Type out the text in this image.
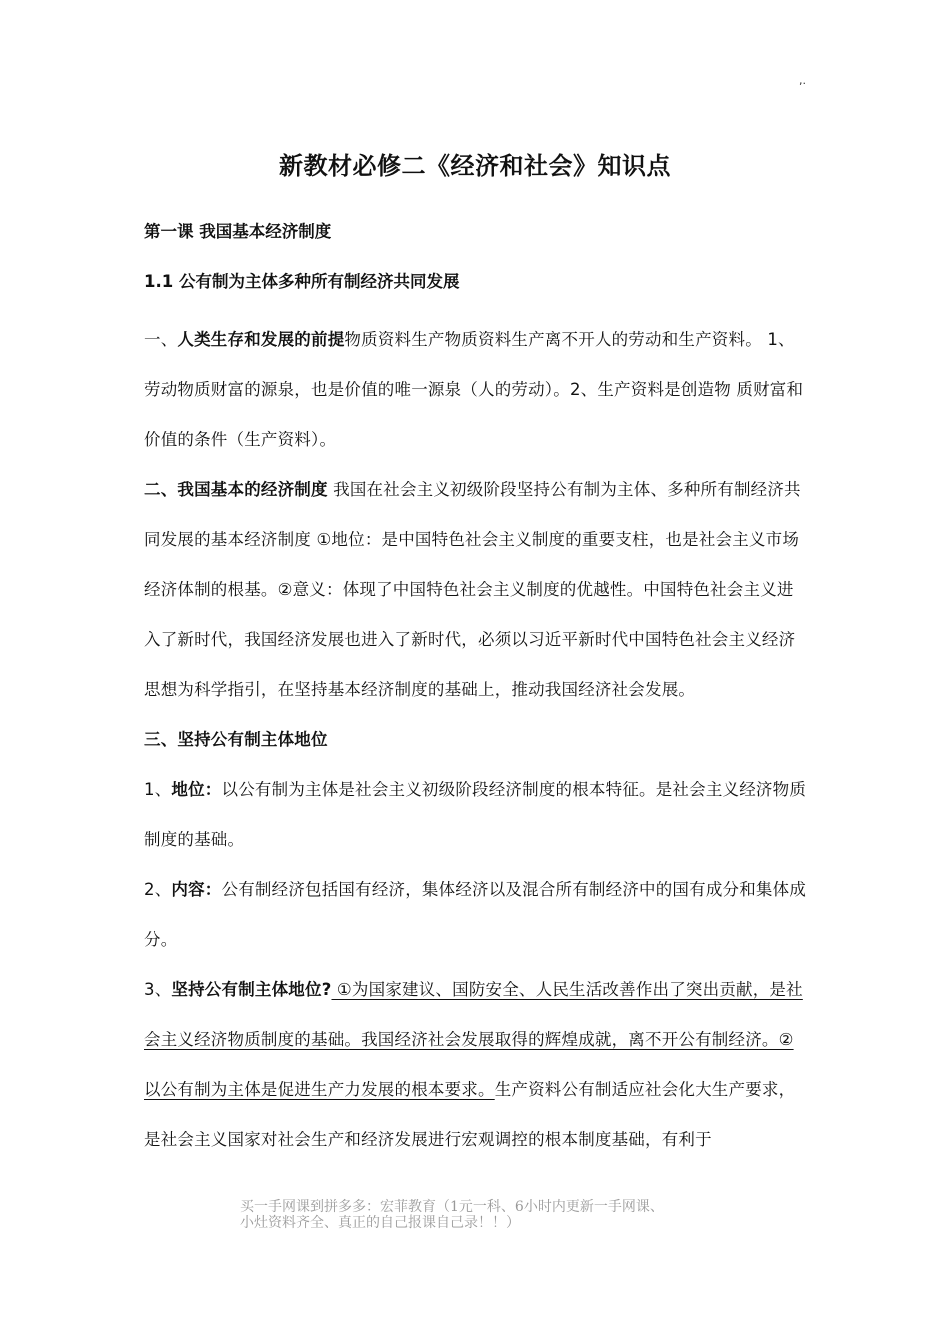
,.
新教材必修二《经济和社会》知识点
第一课 我国基本经济制度
1.1 公有制为主体多种所有制经济共同发展

一、人类生存和发展的前提物质资料生产物质资料生产离不开人的劳动和生产资料。 1、劳动物质财富的源泉，也是价值的唯一源泉（人的劳动）。2、生产资料是创造物 质财富和价值的条件（生产资料）。

二、我国基本的经济制度 我国在社会主义初级阶段坚持公有制为主体、多种所有制经济共 同发展的基本经济制度 ①地位：是中国特色社会主义制度的重要支柱，也是社会主义市场经济体制的根基。②意义：体现了中国特色社会主义制度的优越性。中国特色社会主义进入了新时代，我国经济发展也进入了新时代，必须以习近平新时代中国特色社会主义经济思想为科学指引，在坚持基本经济制度的基础上，推动我国经济社会发展。

三、坚持公有制主体地位

1、地位：以公有制为主体是社会主义初级阶段经济制度的根本特征。是社会主义经济物质制度的基础。

2、内容：公有制经济包括国有经济，集体经济以及混合所有制经济中的国有成分和集体成分。

3、坚持公有制主体地位? ①为国家建议、国防安全、人民生活改善作出了突出贡献，是社会主义经济物质制度的基础。我国经济社会发展取得的辉煌成就，离不开公有制经济。②以公有制为主体是促进生产力发展的根本要求。生产资料公有制适应社会化大生产要求，是社会主义国家对社会生产和经济发展进行宏观调控的根本制度基础，有利于

买一手网课到拼多多：宏菲教育（1元一科、6小时内更新一手网课、
小灶资料齐全、真正的自己报课自己录！！）
